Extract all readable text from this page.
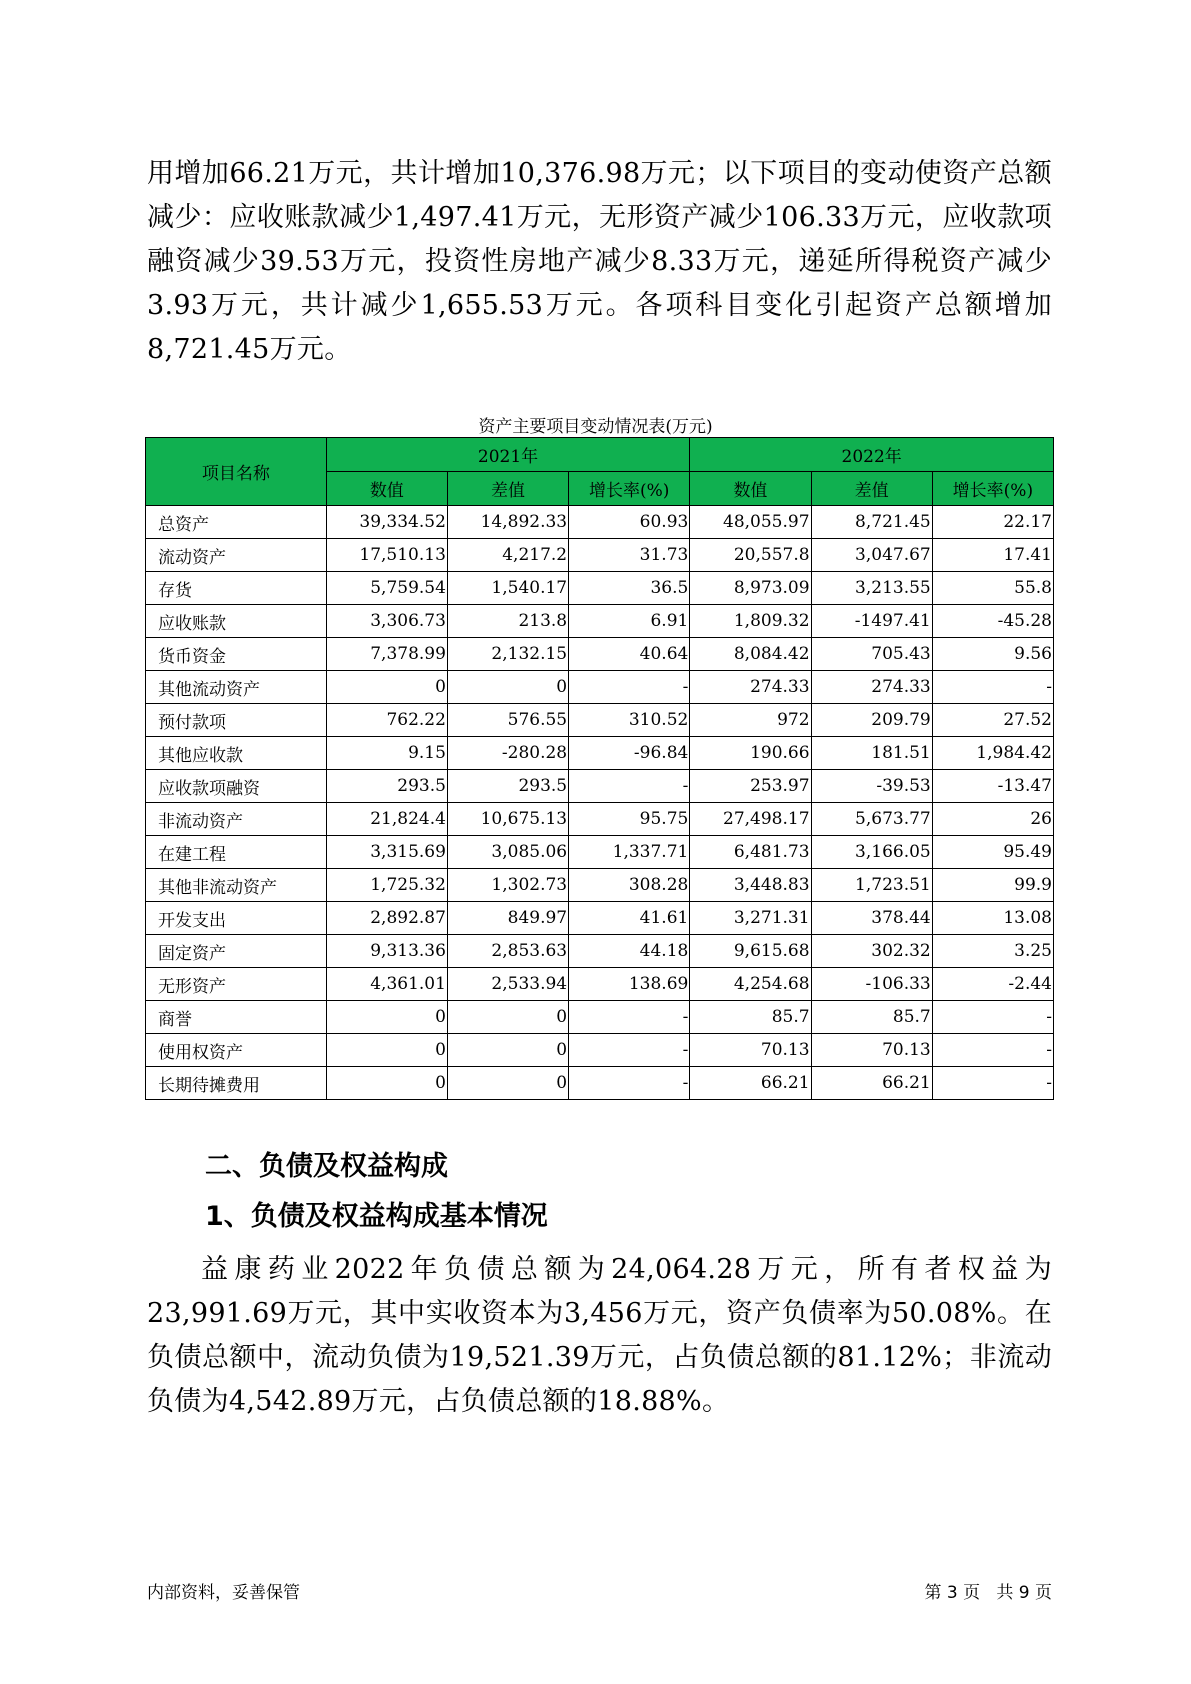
用增加66.21万元，共计增加10,376.98万元；以下项目的变动使资产总额减少：应收账款减少1,497.41万元，无形资产减少106.33万元，应收款项融资减少39.53万元，投资性房地产减少8.33万元，递延所得税资产减少3.93万元，共计减少1,655.53万元。各项科目变化引起资产总额增加8,721.45万元。

资产主要项目变动情况表(万元)
项目名称	2021年			2022年		
	数值	差值	增长率(%)	数值	差值	增长率(%)
总资产	39,334.52	14,892.33	60.93	48,055.97	8,721.45	22.17
流动资产	17,510.13	4,217.2	31.73	20,557.8	3,047.67	17.41
存货	5,759.54	1,540.17	36.5	8,973.09	3,213.55	55.8
应收账款	3,306.73	213.8	6.91	1,809.32	-1497.41	-45.28
货币资金	7,378.99	2,132.15	40.64	8,084.42	705.43	9.56
其他流动资产	0	0	-	274.33	274.33	-
预付款项	762.22	576.55	310.52	972	209.79	27.52
其他应收款	9.15	-280.28	-96.84	190.66	181.51	1,984.42
应收款项融资	293.5	293.5	-	253.97	-39.53	-13.47
非流动资产	21,824.4	10,675.13	95.75	27,498.17	5,673.77	26
在建工程	3,315.69	3,085.06	1,337.71	6,481.73	3,166.05	95.49
其他非流动资产	1,725.32	1,302.73	308.28	3,448.83	1,723.51	99.9
开发支出	2,892.87	849.97	41.61	3,271.31	378.44	13.08
固定资产	9,313.36	2,853.63	44.18	9,615.68	302.32	3.25
无形资产	4,361.01	2,533.94	138.69	4,254.68	-106.33	-2.44
商誉	0	0	-	85.7	85.7	-
使用权资产	0	0	-	70.13	70.13	-
长期待摊费用	0	0	-	66.21	66.21	-
二、负债及权益构成
1、负债及权益构成基本情况

益康药业2022年负债总额为24,064.28万元，所有者权益为23,991.69万元，其中实收资本为3,456万元，资产负债率为50.08%。在负债总额中，流动负债为19,521.39万元，占负债总额的81.12%；非流动负债为4,542.89万元，占负债总额的18.88%。

内部资料，妥善保管	第 3 页   共 9 页
